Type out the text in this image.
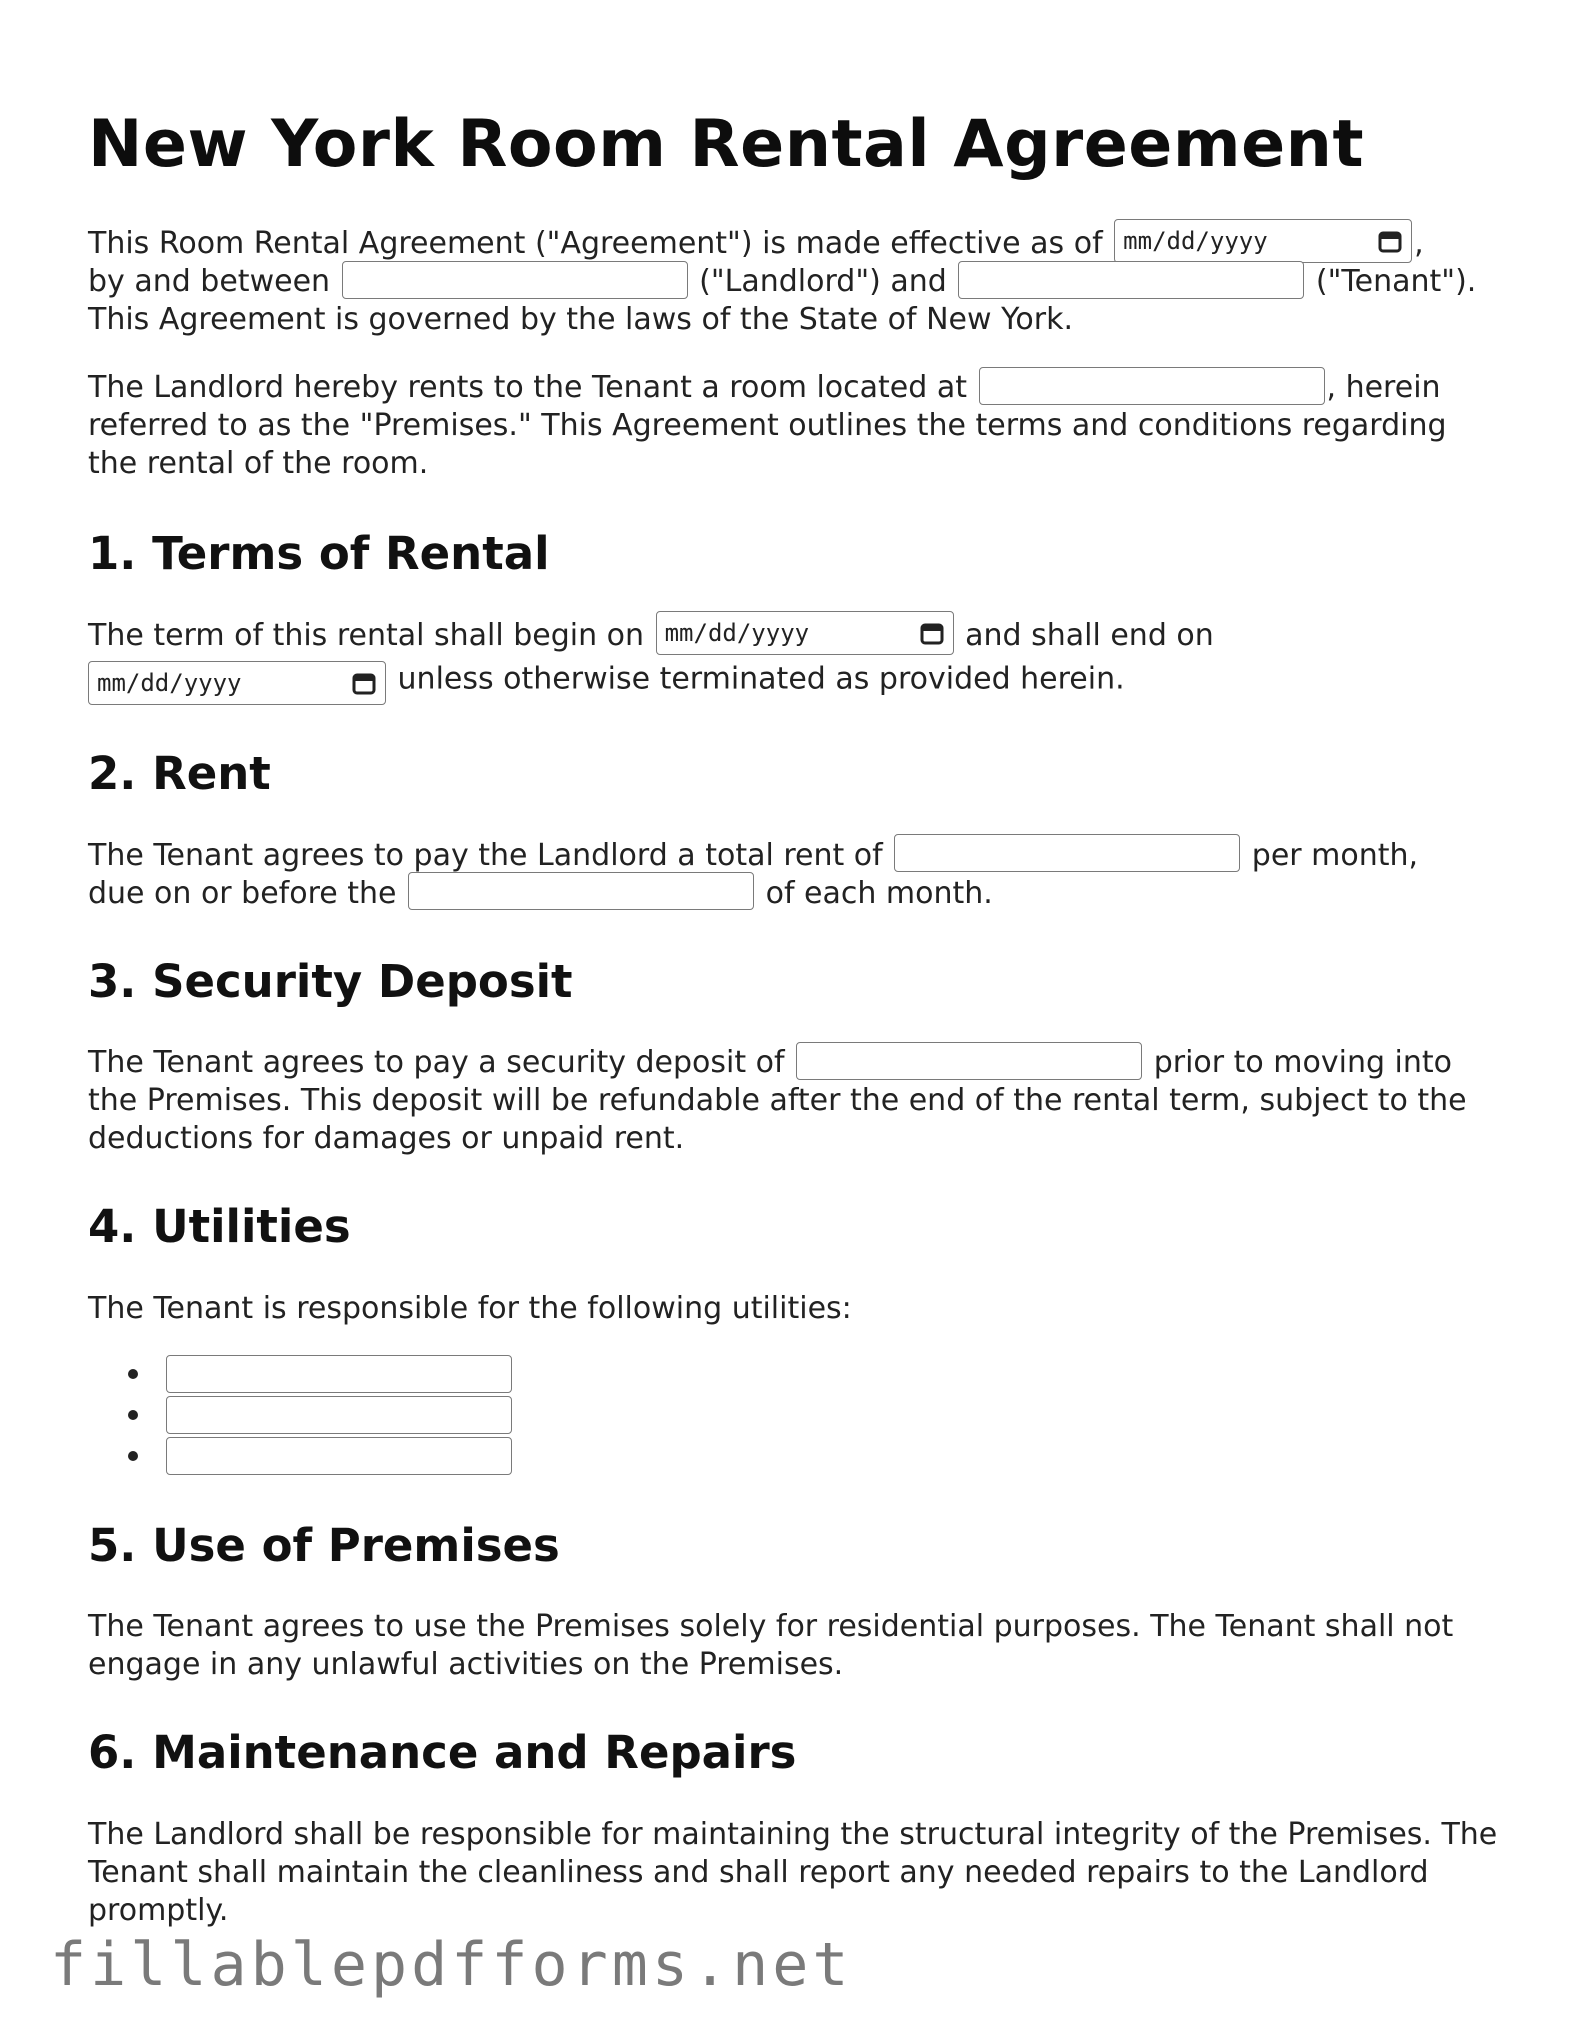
New York Room Rental Agreement

This Room Rental Agreement ("Agreement") is made effective as of mm/dd/yyyy	,
by and between	("Landlord") and	("Tenant").
This Agreement is governed by the laws of the State of New York.

The Landlord hereby rents to the Tenant a room located at	, herein referred to as the "Premises." This Agreement outlines the terms and conditions regarding the rental of the room.

1. Terms of Rental

The term of this rental shall begin on mm/dd/yyyy	and shall end on

mm/dd/yyyy	unless otherwise terminated as provided herein.

2. Rent

The Tenant agrees to pay the Landlord a total rent of	per month,
due on or before the	of each month.

3. Security Deposit

The Tenant agrees to pay a security deposit of	prior to moving into the Premises. This deposit will be refundable after the end of the rental term, subject to the deductions for damages or unpaid rent.

4. Utilities

The Tenant is responsible for the following utilities:

5. Use of Premises

The Tenant agrees to use the Premises solely for residential purposes. The Tenant shall not engage in any unlawful activities on the Premises.

6. Maintenance and Repairs

The Landlord shall be responsible for maintaining the structural integrity of the Premises. The Tenant shall maintain the cleanliness and shall report any needed repairs to the Landlord promptly.

fillablepdfforms.net
